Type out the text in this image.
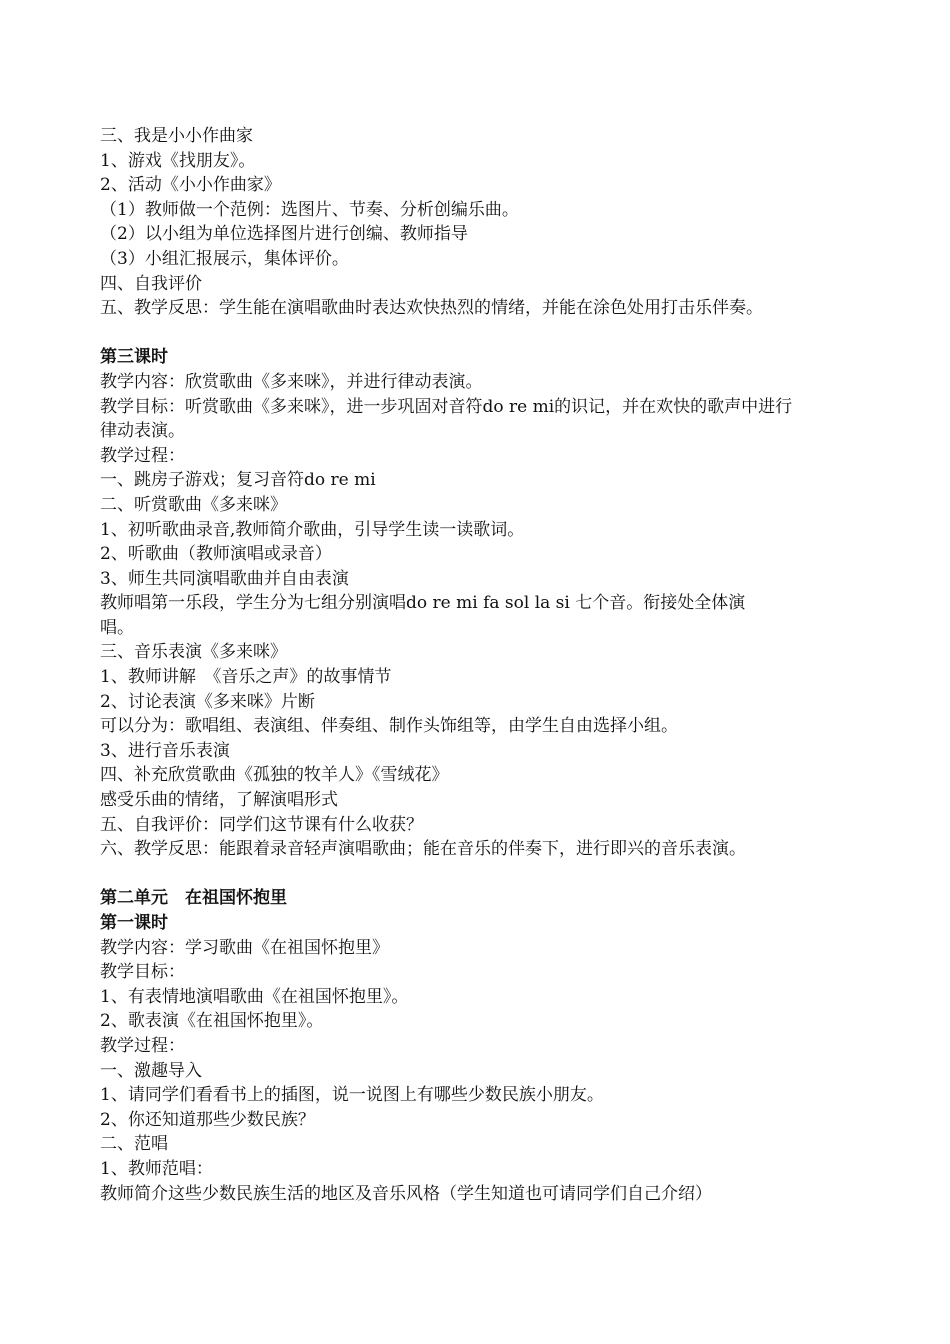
三、我是小小作曲家
1、游戏《找朋友》。
2、活动《小小作曲家》
（1）教师做一个范例：选图片、节奏、分析创编乐曲。
（2）以小组为单位选择图片进行创编、教师指导
（3）小组汇报展示，集体评价。
四、自我评价
五、教学反思：学生能在演唱歌曲时表达欢快热烈的情绪，并能在涂色处用打击乐伴奏。
第三课时
教学内容：欣赏歌曲《多来咪》，并进行律动表演。
教学目标：听赏歌曲《多来咪》，进一步巩固对音符do re mi的识记，并在欢快的歌声中进行
律动表演。
教学过程：
一、跳房子游戏；复习音符do re mi
二、听赏歌曲《多来咪》
1、初听歌曲录音,教师简介歌曲，引导学生读一读歌词。
2、听歌曲（教师演唱或录音）
3、师生共同演唱歌曲并自由表演
教师唱第一乐段，学生分为七组分别演唱do re mi fa sol la si 七个音。衔接处全体演
唱。
三、音乐表演《多来咪》
1、教师讲解　《音乐之声》的故事情节
2、讨论表演《多来咪》片断
可以分为：歌唱组、表演组、伴奏组、制作头饰组等，由学生自由选择小组。
3、进行音乐表演
四、补充欣赏歌曲《孤独的牧羊人》《雪绒花》
感受乐曲的情绪，了解演唱形式
五、自我评价：同学们这节课有什么收获？
六、教学反思：能跟着录音轻声演唱歌曲；能在音乐的伴奏下，进行即兴的音乐表演。
第二单元　在祖国怀抱里
第一课时
教学内容：学习歌曲《在祖国怀抱里》
教学目标：
1、有表情地演唱歌曲《在祖国怀抱里》。
2、歌表演《在祖国怀抱里》。
教学过程：
一、激趣导入
1、请同学们看看书上的插图，说一说图上有哪些少数民族小朋友。
2、你还知道那些少数民族？
二、范唱
1、教师范唱：
教师简介这些少数民族生活的地区及音乐风格（学生知道也可请同学们自己介绍）
